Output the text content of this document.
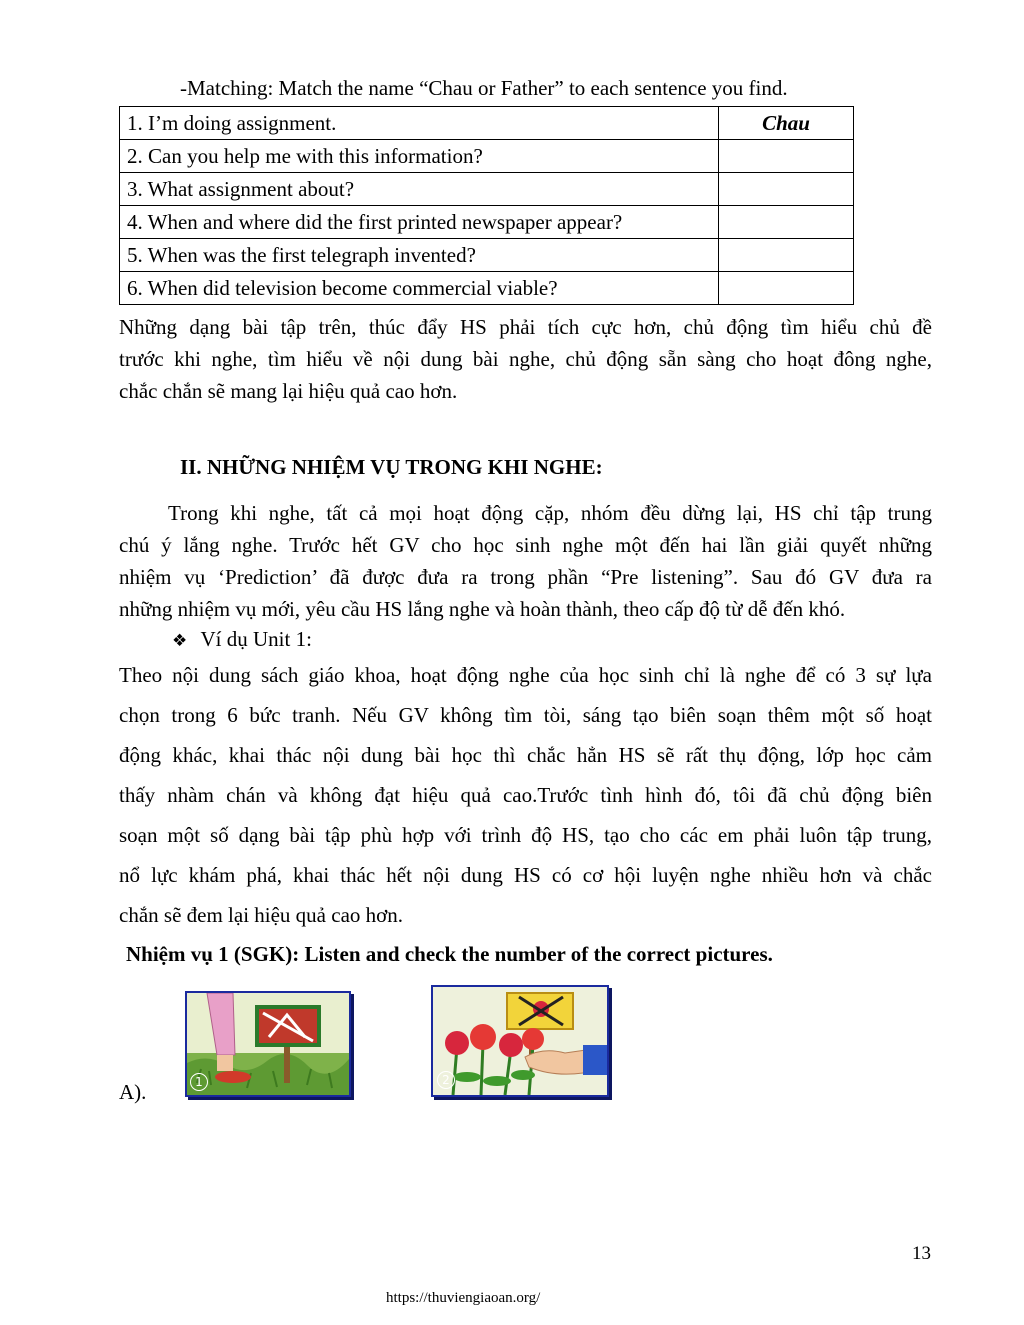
-Matching: Match the name “Chau or Father” to each sentence you find.
1. I’m doing assignment.	Chau
2. Can you help me with this information?	
3. What assignment about?	
4. When and where did the first printed newspaper appear?	
5. When was the first telegraph invented?	
6. When did television become commercial viable?	
Những dạng bài tập trên, thúc đẩy HS phải tích cực hơn, chủ động tìm hiểu chủ đề
trước khi nghe, tìm hiểu về nội dung bài nghe, chủ động sẵn sàng cho hoạt đông nghe,
chắc chắn sẽ mang lại hiệu quả cao hơn.
II. NHỮNG NHIỆM VỤ TRONG KHI NGHE:
Trong khi nghe, tất cả mọi hoạt động cặp, nhóm đều dừng lại, HS chỉ tập trung
chú ý lắng nghe. Trước hết GV cho học sinh nghe một đến hai lần giải quyết những
nhiệm vụ ‘Prediction’ đã được đưa ra trong phần “Pre listening”. Sau đó GV đưa ra
những nhiệm vụ mới, yêu cầu HS lắng nghe và hoàn thành, theo cấp độ từ dễ đến khó.
❖ Ví dụ Unit 1:
Theo nội dung sách giáo khoa, hoạt động nghe của học sinh chỉ là nghe để có 3 sự lựa
chọn trong 6 bức tranh. Nếu GV không tìm tòi, sáng tạo biên soạn thêm một số hoạt
động khác, khai thác nội dung bài học thì chắc hẳn HS sẽ rất thụ động, lớp học cảm
thấy nhàm chán và không đạt hiệu quả cao.Trước tình hình đó, tôi đã chủ động biên
soạn một số dạng bài tập phù hợp với trình độ HS, tạo cho các em phải luôn tập trung,
nổ lực khám phá, khai thác hết nội dung HS có cơ hội luyện nghe nhiều hơn và chắc
chắn sẽ đem lại hiệu quả cao hơn.
Nhiệm vụ 1 (SGK): Listen and check the number of the correct pictures.
A).	1	2
13
https://thuviengiaoan.org/
